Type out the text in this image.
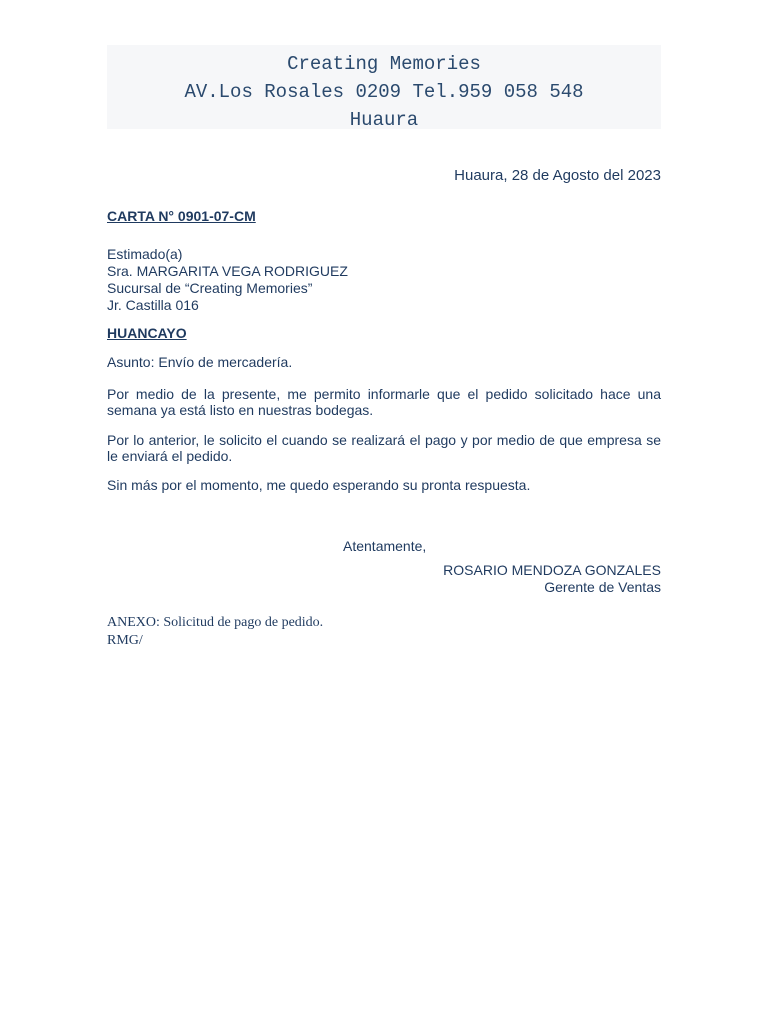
Creating Memories
AV.Los Rosales 0209 Tel.959 058 548
Huaura
Huaura, 28 de Agosto del 2023
CARTA N° 0901-07-CM
Estimado(a)
Sra. MARGARITA VEGA RODRIGUEZ
Sucursal de “Creating Memories”
Jr. Castilla 016
HUANCAYO
Asunto: Envío de mercadería.
Por medio de la presente, me permito informarle que el pedido solicitado hace una semana ya está listo en nuestras bodegas.
Por lo anterior, le solicito el cuando se realizará el pago y por medio de que empresa se le enviará el pedido.
Sin más por el momento, me quedo esperando su pronta respuesta.
Atentamente,
ROSARIO MENDOZA GONZALES
Gerente de Ventas
ANEXO: Solicitud de pago de pedido.
RMG/
